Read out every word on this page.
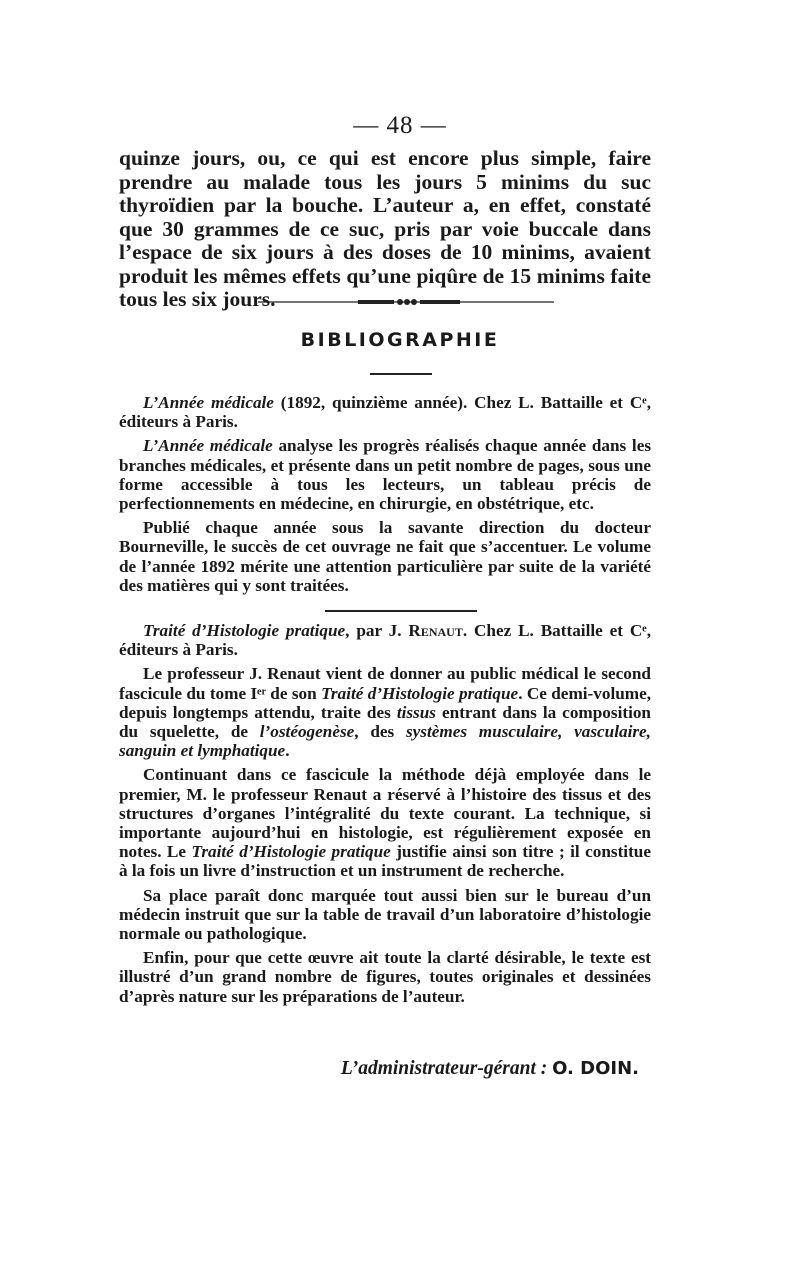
— 48 —

quinze jours, ou, ce qui est encore plus simple, faire prendre au malade tous les jours 5 minims du suc thyroïdien par la bouche. L’auteur a, en effet, constaté que 30 grammes de ce suc, pris par voie buccale dans l’espace de six jours à des doses de 10 minims, avaient produit les mêmes effets qu’une piqûre de 15 minims faite tous les six jours.

BIBLIOGRAPHIE

L’Année médicale (1892, quinzième année). Chez L. Battaille et Cᵉ, éditeurs à Paris.

L’Année médicale analyse les progrès réalisés chaque année dans les branches médicales, et présente dans un petit nombre de pages, sous une forme accessible à tous les lecteurs, un tableau précis de perfectionnements en médecine, en chirurgie, en obstétrique, etc.

Publié chaque année sous la savante direction du docteur Bourneville, le succès de cet ouvrage ne fait que s’accentuer. Le volume de l’année 1892 mérite une attention particulière par suite de la variété des matières qui y sont traitées.

Traité d’Histologie pratique, par J. Renaut. Chez L. Battaille et Cᵉ, éditeurs à Paris.

Le professeur J. Renaut vient de donner au public médical le second fascicule du tome Iᵉʳ de son Traité d’Histologie pratique. Ce demi-volume, depuis longtemps attendu, traite des tissus entrant dans la composition du squelette, de l’ostéogenèse, des systèmes musculaire, vasculaire, sanguin et lymphatique.

Continuant dans ce fascicule la méthode déjà employée dans le premier, M. le professeur Renaut a réservé à l’histoire des tissus et des structures d’organes l’intégralité du texte courant. La technique, si importante aujourd’hui en histologie, est régulièrement exposée en notes. Le Traité d’Histologie pratique justifie ainsi son titre ; il constitue à la fois un livre d’instruction et un instrument de recherche.

Sa place paraît donc marquée tout aussi bien sur le bureau d’un médecin instruit que sur la table de travail d’un laboratoire d’histologie normale ou pathologique.

Enfin, pour que cette œuvre ait toute la clarté désirable, le texte est illustré d’un grand nombre de figures, toutes originales et dessinées d’après nature sur les préparations de l’auteur.

L’administrateur-gérant : O. DOIN.
